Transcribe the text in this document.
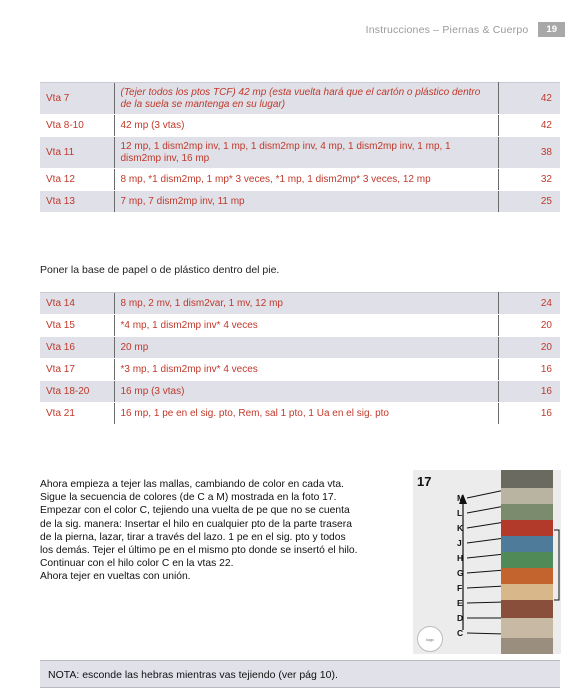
Instrucciones – Piernas & Cuerpo	19
Vta 7	(Tejer todos los ptos TCF) 42 mp (esta vuelta hará que el cartón o plástico dentro de la suela se mantenga en su lugar)	42
Vta 8-10	42 mp (3 vtas)	42
Vta 11	12 mp, 1 dism2mp inv, 1 mp, 1 dism2mp inv, 4 mp, 1 dism2mp inv, 1 mp, 1 dism2mp inv, 16 mp	38
Vta 12	8 mp, *1 dism2mp, 1 mp* 3 veces, *1 mp, 1 dism2mp* 3 veces, 12 mp	32
Vta 13	7 mp, 7 dism2mp inv, 11 mp	25
Poner la base de papel o de plástico dentro del pie.
Vta 14	8 mp, 2 mv, 1 dism2var, 1 mv, 12 mp	24
Vta 15	*4 mp, 1 dism2mp inv* 4 veces	20
Vta 16	20 mp	20
Vta 17	*3 mp, 1 dism2mp inv* 4 veces	16
Vta 18-20	16 mp (3 vtas)	16
Vta 21	16 mp, 1 pe en el sig. pto, Rem, sal 1 pto, 1 Ua en el sig. pto	16
Ahora empieza a tejer las mallas, cambiando de color en cada vta.
Sigue la secuencia de colores (de C a M) mostrada en la foto 17.
Empezar con el color C, tejiendo una vuelta de pe que no se cuenta
de la sig. manera: Insertar el hilo en cualquier pto de la parte trasera
de la pierna, lazar, tirar a través del lazo. 1 pe en el sig. pto y todos
los demás. Tejer el último pe en el mismo pto donde se insertó el hilo.
Continuar con el hilo color C en la vtas 22.
Ahora tejer en vueltas con unión.
17
M
L
K
J
H
G
F
E
D
C
logo
NOTA: esconde las hebras mientras vas tejiendo (ver pág 10).
